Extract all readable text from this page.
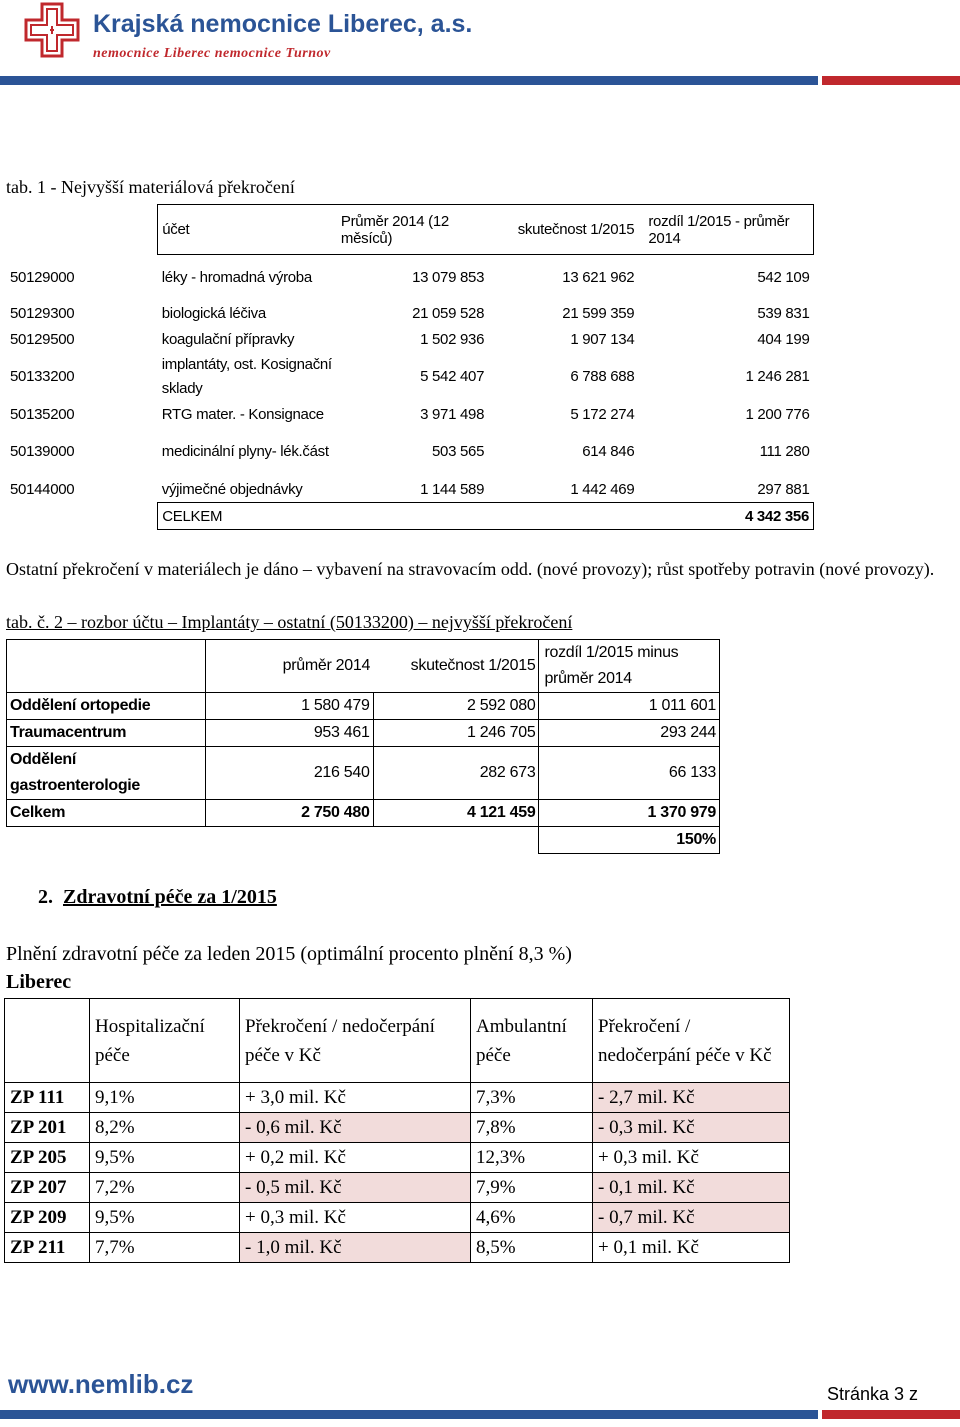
Krajská nemocnice Liberec, a.s.
nemocnice Liberec nemocnice Turnov
tab. 1 - Nejvyšší materiálová překročení
	účet	Průměr 2014 (12 měsíců)	skutečnost 1/2015	rozdíl 1/2015 - průměr 2014
50129000	léky - hromadná výroba	13 079 853	13 621 962	542 109
50129300	biologická léčiva	21 059 528	21 599 359	539 831
50129500	koagulační přípravky	1 502 936	1 907 134	404 199
50133200	implantáty, ost. Kosignační sklady	5 542 407	6 788 688	1 246 281
50135200	RTG mater. - Konsignace	3 971 498	5 172 274	1 200 776
50139000	medicinální plyny- lék.část	503 565	614 846	111 280
50144000	výjimečné objednávky	1 144 589	1 442 469	297 881
	CELKEM			4 342 356
Ostatní překročení v materiálech je dáno – vybavení na stravovacím odd. (nové provozy); růst spotřeby potravin (nové provozy).
tab. č. 2 – rozbor účtu – Implantáty – ostatní (50133200) – nejvyšší překročení
	průměr 2014	skutečnost 1/2015	rozdíl 1/2015 minus průměr 2014
Oddělení ortopedie	1 580 479	2 592 080	1 011 601
Traumacentrum	953 461	1 246 705	293 244
Oddělení gastroenterologie	216 540	282 673	66 133
Celkem	2 750 480	4 121 459	1 370 979
			150%
2. Zdravotní péče za 1/2015
Plnění zdravotní péče za leden 2015 (optimální procento plnění 8,3 %)
Liberec
	Hospitalizační péče	Překročení / nedočerpání péče v Kč	Ambulantní péče	Překročení / nedočerpání péče v Kč
ZP 111	9,1%	+ 3,0 mil. Kč	7,3%	- 2,7 mil. Kč
ZP 201	8,2%	- 0,6 mil. Kč	7,8%	- 0,3 mil. Kč
ZP 205	9,5%	+ 0,2 mil. Kč	12,3%	+ 0,3 mil. Kč
ZP 207	7,2%	- 0,5 mil. Kč	7,9%	- 0,1 mil. Kč
ZP 209	9,5%	+ 0,3 mil. Kč	4,6%	- 0,7 mil. Kč
ZP 211	7,7%	- 1,0 mil. Kč	8,5%	+ 0,1 mil. Kč
www.nemlib.cz	Stránka 3 z
